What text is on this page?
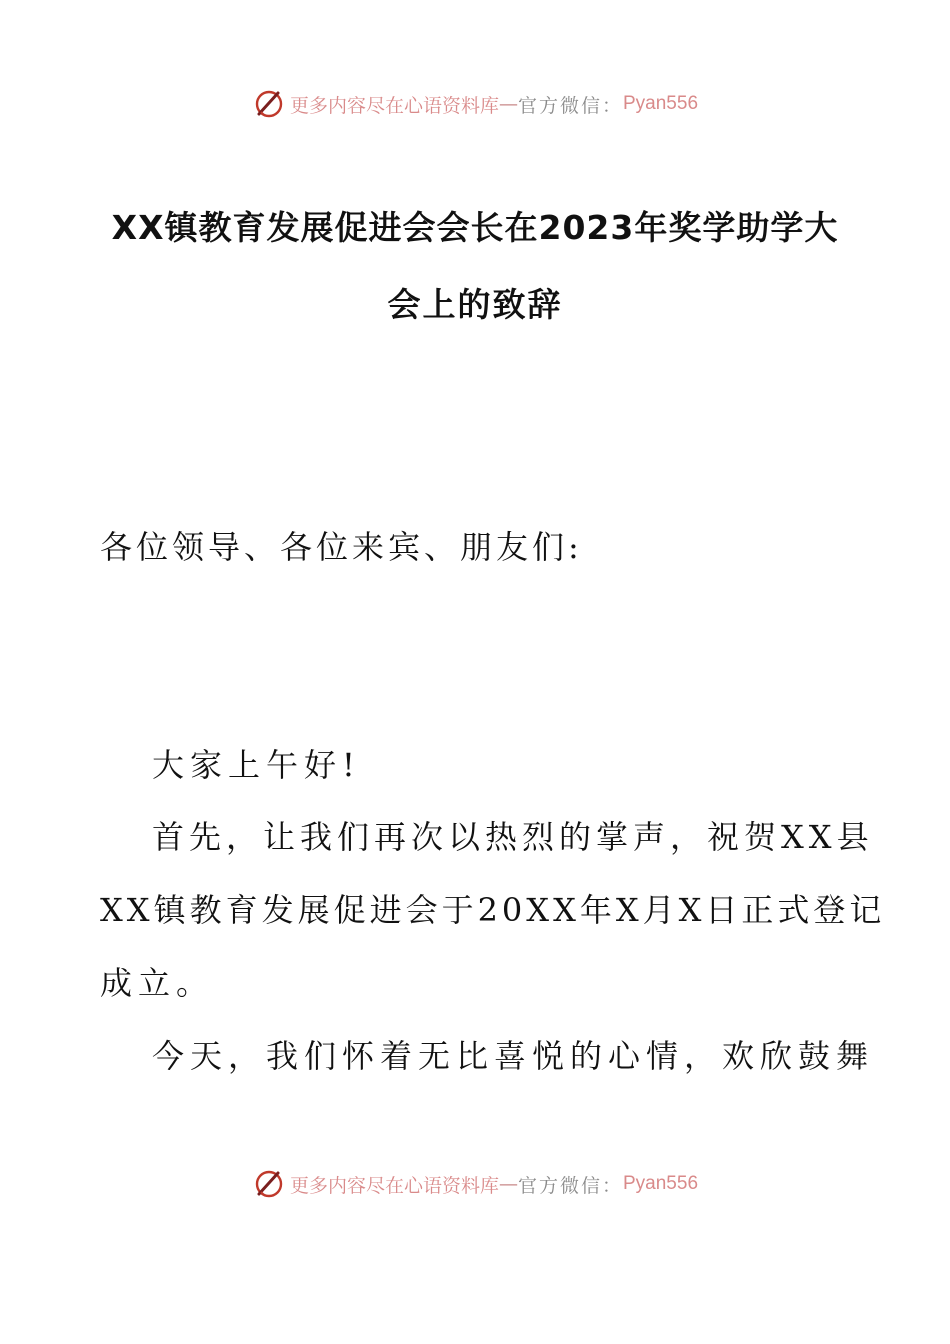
更多内容尽在心语资料库 — 官方微信： Pyan556
XX镇教育发展促进会会长在2023年奖学助学大
会上的致辞
各位领导、各位来宾、朋友们:
大家上午好!
首先，让我们再次以热烈的掌声，祝贺XX县
XX镇教育发展促进会于20XX年X月X日正式登记
成立。
今天，我们怀着无比喜悦的心情，欢欣鼓舞
更多内容尽在心语资料库 — 官方微信： Pyan556
